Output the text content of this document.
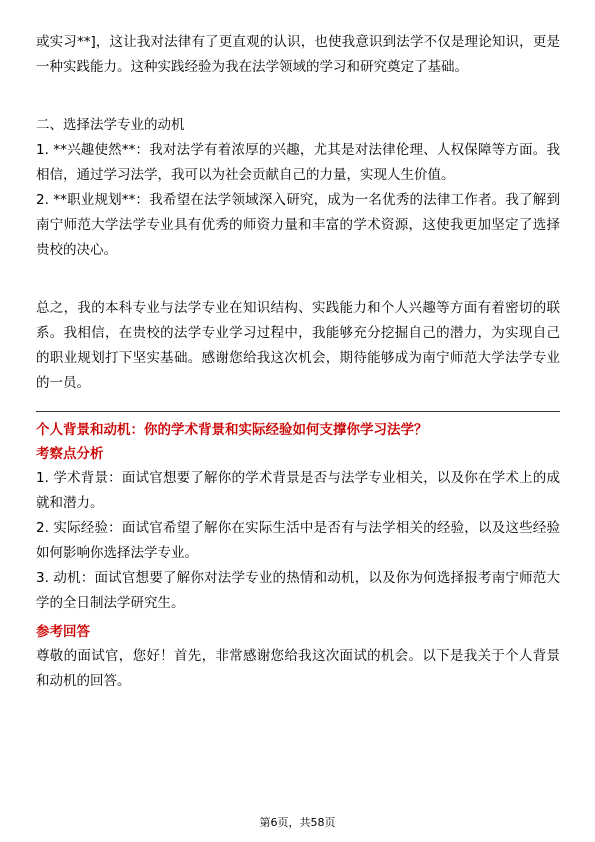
或实习**]，这让我对法律有了更直观的认识，也使我意识到法学不仅是理论知识，更是一种实践能力。这种实践经验为我在法学领域的学习和研究奠定了基础。

二、选择法学专业的动机

1. **兴趣使然**：我对法学有着浓厚的兴趣，尤其是对法律伦理、人权保障等方面。我相信，通过学习法学，我可以为社会贡献自己的力量，实现人生价值。

2. **职业规划**：我希望在法学领域深入研究，成为一名优秀的法律工作者。我了解到南宁师范大学法学专业具有优秀的师资力量和丰富的学术资源，这使我更加坚定了选择贵校的决心。

总之，我的本科专业与法学专业在知识结构、实践能力和个人兴趣等方面有着密切的联系。我相信，在贵校的法学专业学习过程中，我能够充分挖掘自己的潜力，为实现自己的职业规划打下坚实基础。感谢您给我这次机会，期待能够成为南宁师范大学法学专业的一员。

个人背景和动机：你的学术背景和实际经验如何支撑你学习法学？
考察点分析

1. 学术背景：面试官想要了解你的学术背景是否与法学专业相关，以及你在学术上的成就和潜力。

2. 实际经验：面试官希望了解你在实际生活中是否有与法学相关的经验，以及这些经验如何影响你选择法学专业。

3. 动机：面试官想要了解你对法学专业的热情和动机，以及你为何选择报考南宁师范大学的全日制法学研究生。

参考回答

尊敬的面试官，您好！首先，非常感谢您给我这次面试的机会。以下是我关于个人背景和动机的回答。

第6页，共58页
